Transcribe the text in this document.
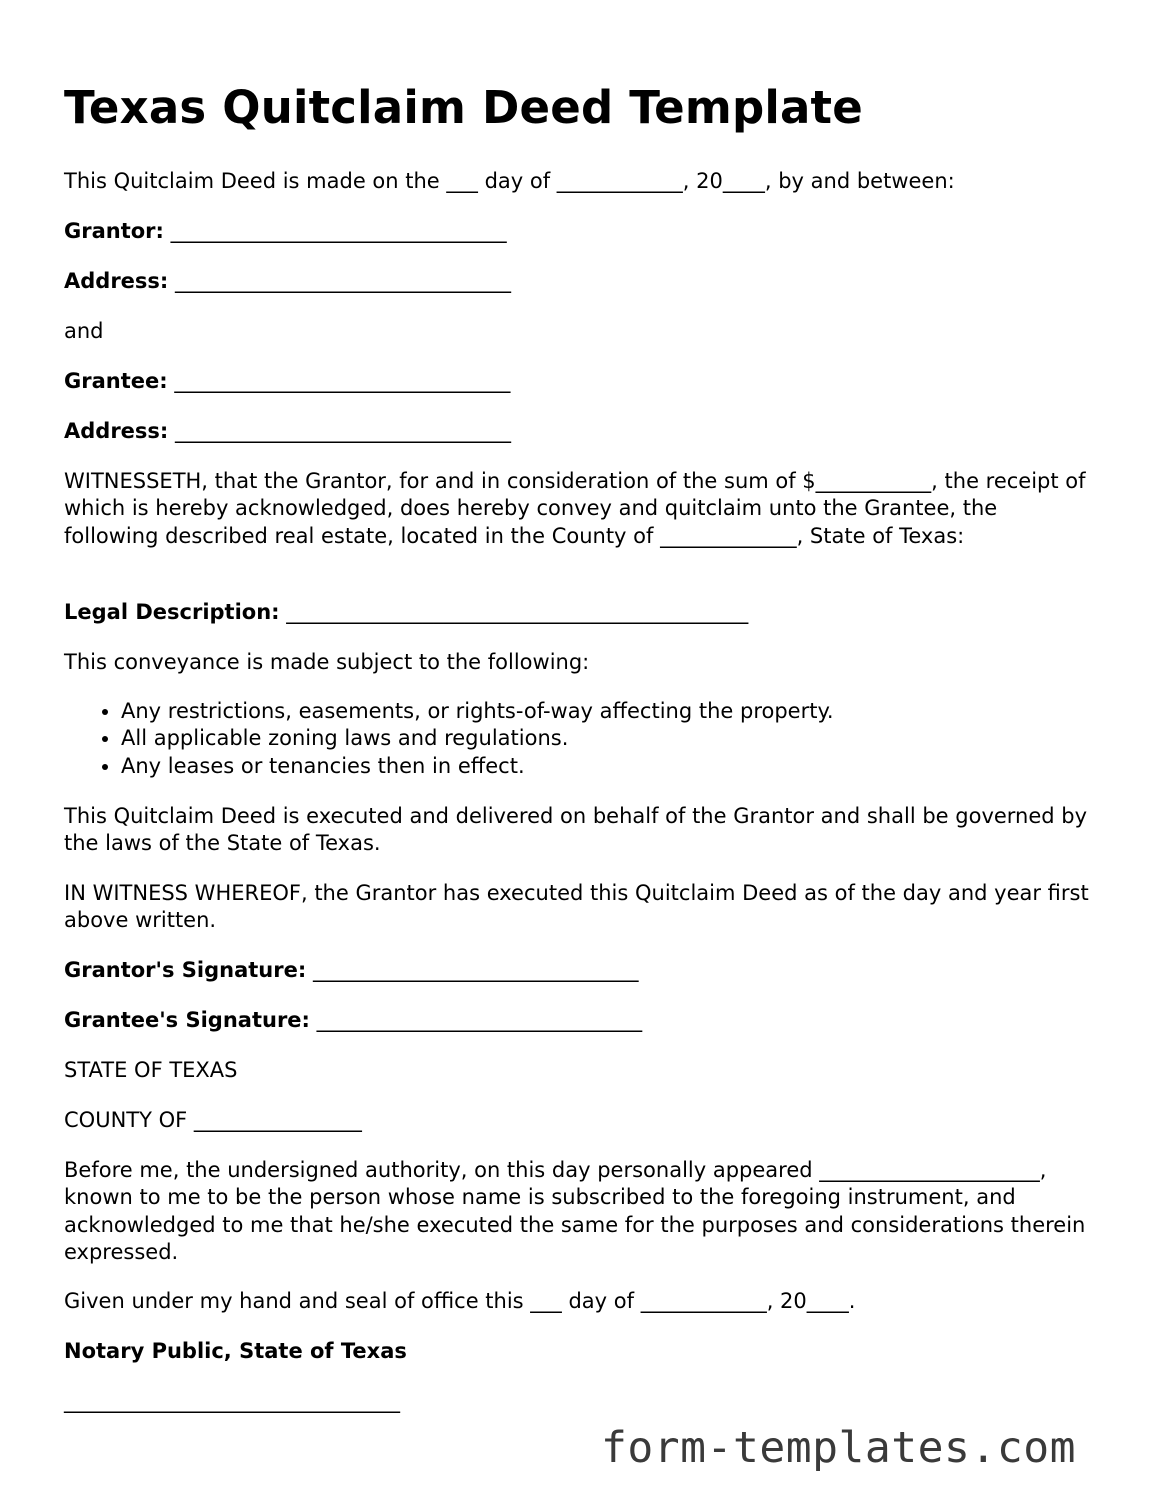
Texas Quitclaim Deed Template

This Quitclaim Deed is made on the ___ day of ____________, 20____, by and between:

Grantor: ________________________________

Address: ________________________________

and

Grantee: ________________________________

Address: ________________________________

WITNESSETH, that the Grantor, for and in consideration of the sum of $___________, the receipt of which is hereby acknowledged, does hereby convey and quitclaim unto the Grantee, the following described real estate, located in the County of _____________, State of Texas:

Legal Description: ____________________________________________

This conveyance is made subject to the following:

• Any restrictions, easements, or rights-of-way affecting the property.
• All applicable zoning laws and regulations.
• Any leases or tenancies then in effect.

This Quitclaim Deed is executed and delivered on behalf of the Grantor and shall be governed by the laws of the State of Texas.

IN WITNESS WHEREOF, the Grantor has executed this Quitclaim Deed as of the day and year first above written.

Grantor's Signature: _______________________________

Grantee's Signature: _______________________________

STATE OF TEXAS

COUNTY OF ________________

Before me, the undersigned authority, on this day personally appeared _____________________, known to me to be the person whose name is subscribed to the foregoing instrument, and acknowledged to me that he/she executed the same for the purposes and considerations therein expressed.

Given under my hand and seal of office this ___ day of ____________, 20____.

Notary Public, State of Texas

________________________________

form-templates.com
